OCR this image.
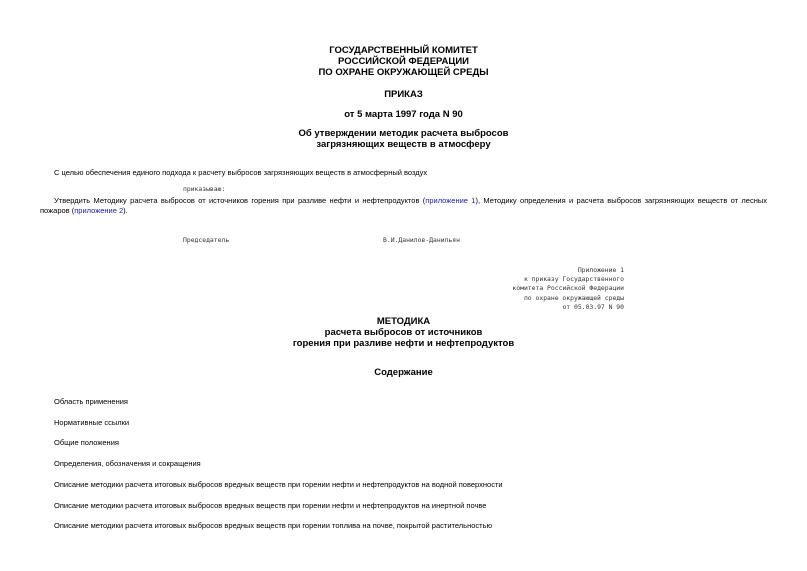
ГОСУДАРСТВЕННЫЙ КОМИТЕТ
РОССИЙСКОЙ ФЕДЕРАЦИИ
ПО ОХРАНЕ ОКРУЖАЮЩЕЙ СРЕДЫ
ПРИКАЗ
от 5 марта 1997 года N 90
Об утверждении методик расчета выбросов
загрязняющих веществ в атмосферу
С целью обеспечения единого подхода к расчету выбросов загрязняющих веществ в атмосферный воздух
приказываю:
Утвердить Методику расчета выбросов от источников горения при разливе нефти и нефтепродуктов (приложение 1), Методику определения и расчета выбросов загрязняющих веществ от лесных пожаров (приложение 2).
Председатель	В.И.Данилов-Данильян
Приложение 1
к приказу Государственного
комитета Российской Федерации
по охране окружающей среды
от 05.03.97 N 90
МЕТОДИКА
расчета выбросов от источников
горения при разливе нефти и нефтепродуктов
Содержание
Область применения
Нормативные ссылки
Общие положения
Определения, обозначения и сокращения
Описание методики расчета итоговых выбросов вредных веществ при горении нефти и нефтепродуктов на водной поверхности
Описание методики расчета итоговых выбросов вредных веществ при горении нефти и нефтепродуктов на инертной почве
Описание методики расчета итоговых выбросов вредных веществ при горении топлива на почве, покрытой растительностью
